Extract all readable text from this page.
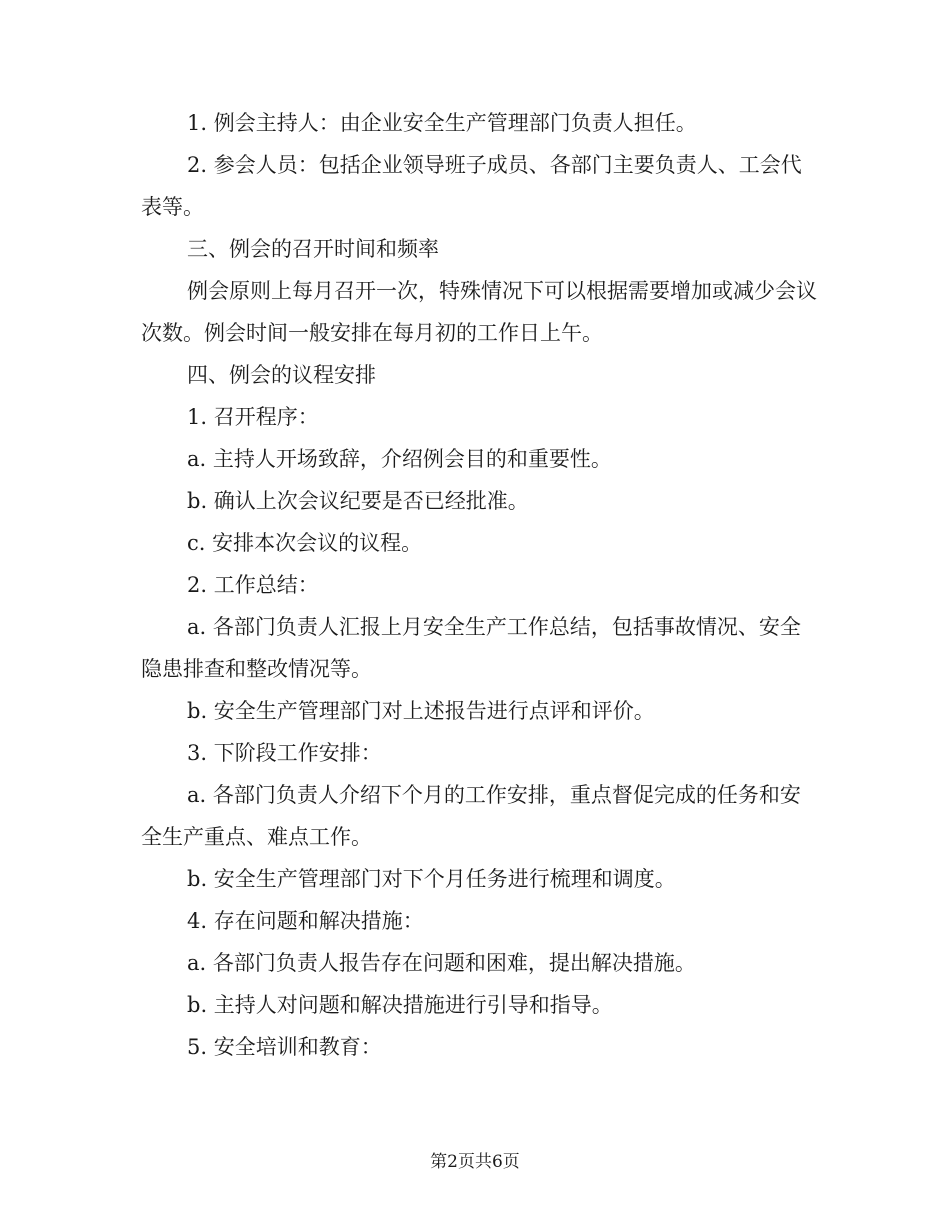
1. 例会主持人：由企业安全生产管理部门负责人担任。

2. 参会人员：包括企业领导班子成员、各部门主要负责人、工会代表等。

三、例会的召开时间和频率

例会原则上每月召开一次，特殊情况下可以根据需要增加或减少会议次数。例会时间一般安排在每月初的工作日上午。

四、例会的议程安排

1. 召开程序：

a. 主持人开场致辞，介绍例会目的和重要性。

b. 确认上次会议纪要是否已经批准。

c. 安排本次会议的议程。

2. 工作总结：

a. 各部门负责人汇报上月安全生产工作总结，包括事故情况、安全隐患排查和整改情况等。

b. 安全生产管理部门对上述报告进行点评和评价。

3. 下阶段工作安排：

a. 各部门负责人介绍下个月的工作安排，重点督促完成的任务和安全生产重点、难点工作。

b. 安全生产管理部门对下个月任务进行梳理和调度。

4. 存在问题和解决措施：

a. 各部门负责人报告存在问题和困难，提出解决措施。

b. 主持人对问题和解决措施进行引导和指导。

5. 安全培训和教育：

第2页共6页
